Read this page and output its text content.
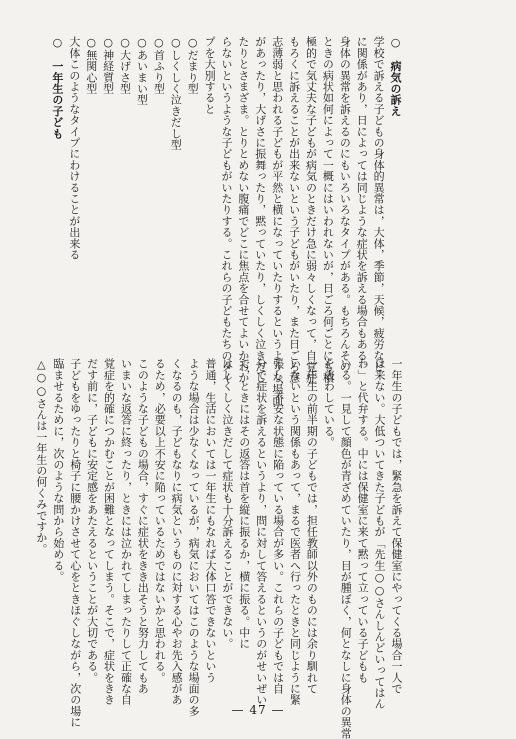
○　病気の訴え
学校で訴える子どもの身体的異常は，大体，季節，天候，疲労など
に関係があり，日によっては同じような症状を訴える場合もある。
身体の異常を訴えるのにもいろいろなタイプがある。もちろんその
ときの病状如何によって一概にはいわれないが，日ごろ何ごとにも積
極的で気丈夫な子どもが病気のときだけ急に弱々しくなって，自覚症
もろくに訴えることが出来ないという子どもがいたり，また日ごろ意
志薄弱と思われる子どもが平然と横になっていたりするというような場面
があったり，大げさに振舞ったり，黙っていたり，しくしく泣きだし
たりとさまざま。とりとめない腹痛でどこに焦点を合せてよいかわか
らないというような子どもがいたりする。これらの子どもたちのタイ
プを大別すると
○だまり型
○しくしく泣きだし型
○首ふり型
○あいまい型
○大げさ型
○神経質型
○無関心型
大体このようなタイプにわけることが出来る
○　一年生の子ども
一年生の子どもでは，緊急を訴えて保健室にやってくる場合一人で
は来ない。大低ついてきた子どもが「先生○○さんしんどいってはん
わ」と代弁する。中には保健室に来て黙って立っている子どもも
いる。一見して顔色が青ざめていたり，目が腫ぼく，何となしに身体の異常
を表わしている。
一年生の前半期の子どもでは，担任教師以外のものには余り馴れて
いないという関係もあって，まるで医者へ行ったときと同じように緊
張し，不安な状態に陥っている場合が多い。これらの子どもでは自
分で症状を訴えるというより，問に対して答えるというのがせいぜい
で，ときにはその返答は首を縦に振るか，横に振る。中に
はしくしく泣きだして症状も十分訴えることができない。
普通，生活においては一年生にもなれば大体口答できないという
ような場合は少なくなっているが，病気においてはこのような場面の多
くなるのも，子どもなりに病気というものに対する心やお先入感があ
るため，必要以上不安に陥っているためではないかと思われる。
このような子どもの場合，すぐに症状をきき出そうと努力してもあ
いまいな返答に終ったり，ときには泣かれてしまったりして正確な自
覚症を的確につかむことが困難となってしまう。そこで，症状をきき
だす前に，子どもに安定感をあたえるということが大切である。
子どもをゆったりと椅子に腰かけさせて心をときほぐしながら，次の場に
臨ませるために，次のような問から始める。
△○○さんは一年生の何くみですか。
— 47 —
